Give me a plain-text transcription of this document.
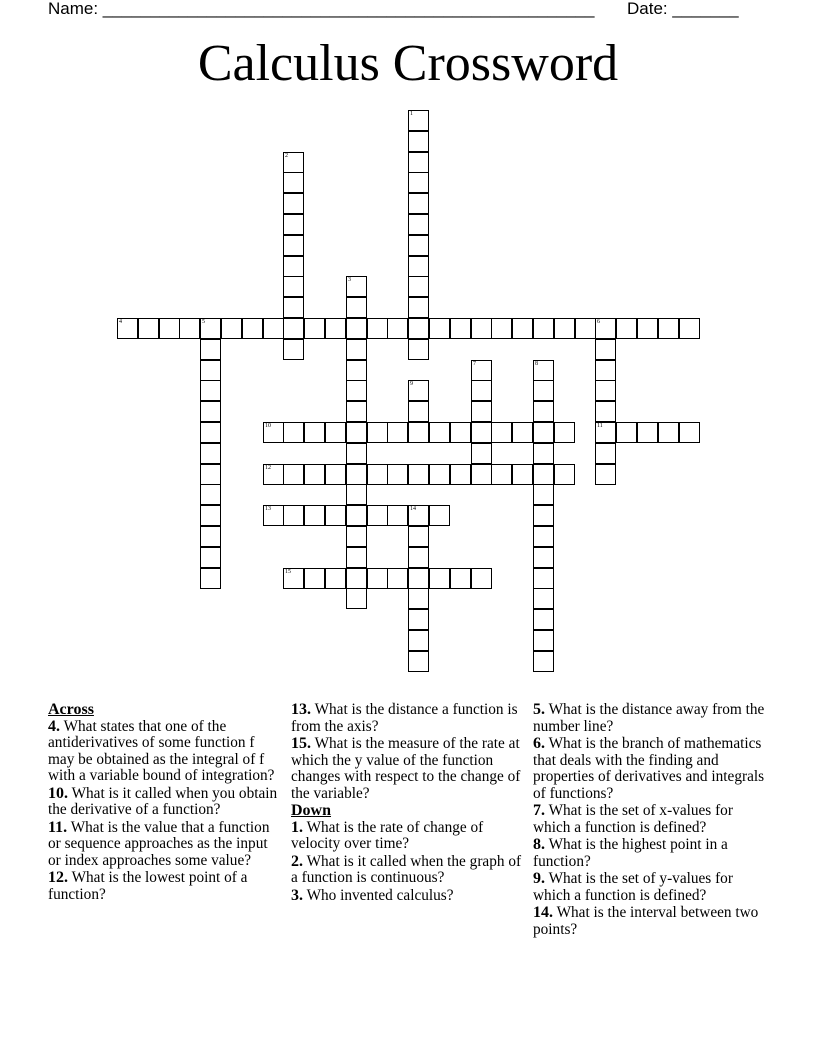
Name: ____________________________________________________ Date: _______
Calculus Crossword
1
2
3
4	5	6
11
7	8
9
10
12
13	14
15
Across
4. What states that one of the antiderivatives of some function f may be obtained as the integral of f with a variable bound of integration?
10. What is it called when you obtain the derivative of a function?
11. What is the value that a function or sequence approaches as the input or index approaches some value?
12. What is the lowest point of a function?
13. What is the distance a function is from the axis?
15. What is the measure of the rate at which the y value of the function changes with respect to the change of the variable?
Down
1. What is the rate of change of velocity over time?
2. What is it called when the graph of a function is continuous?
3. Who invented calculus?
5. What is the distance away from the number line?
6. What is the branch of mathematics that deals with the finding and properties of derivatives and integrals of functions?
7. What is the set of x-values for which a function is defined?
8. What is the highest point in a function?
9. What is the set of y-values for which a function is defined?
14. What is the interval between two points?
